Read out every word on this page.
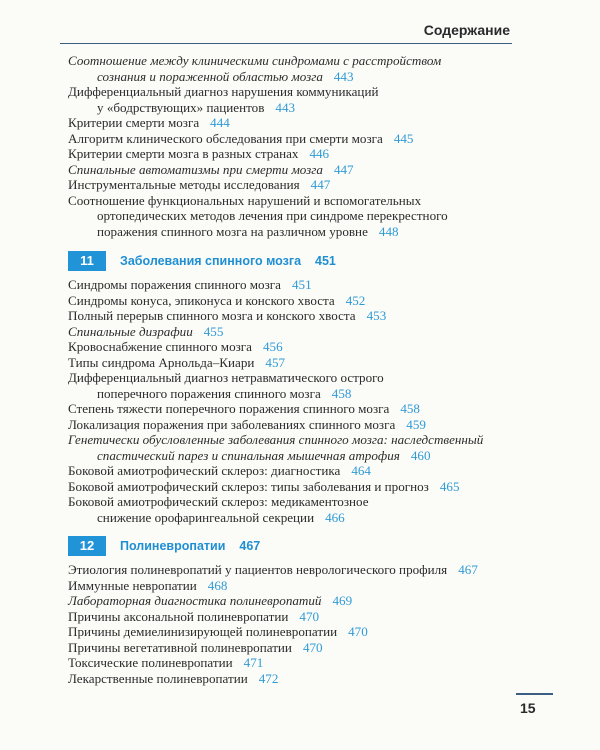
Содержание
Соотношение между клиническими синдромами с расстройством
сознания и пораженной областью мозга 443
Дифференциальный диагноз нарушения коммуникаций
у «бодрствующих» пациентов 443
Критерии смерти мозга 444
Алгоритм клинического обследования при смерти мозга 445
Критерии смерти мозга в разных странах 446
Спинальные автоматизмы при смерти мозга 447
Инструментальные методы исследования 447
Соотношение функциональных нарушений и вспомогательных
ортопедических методов лечения при синдроме перекрестного
поражения спинного мозга на различном уровне 448
11	Заболевания спинного мозга 451
Синдромы поражения спинного мозга 451
Синдромы конуса, эпиконуса и конского хвоста 452
Полный перерыв спинного мозга и конского хвоста 453
Спинальные дизрафии 455
Кровоснабжение спинного мозга 456
Типы синдрома Арнольда–Киари 457
Дифференциальный диагноз нетравматического острого
поперечного поражения спинного мозга 458
Степень тяжести поперечного поражения спинного мозга 458
Локализация поражения при заболеваниях спинного мозга 459
Генетически обусловленные заболевания спинного мозга: наследственный
спастический парез и спинальная мышечная атрофия 460
Боковой амиотрофический склероз: диагностика 464
Боковой амиотрофический склероз: типы заболевания и прогноз 465
Боковой амиотрофический склероз: медикаментозное
снижение орофарингеальной секреции 466
12	Полиневропатии 467
Этиология полиневропатий у пациентов неврологического профиля 467
Иммунные невропатии 468
Лабораторная диагностика полиневропатий 469
Причины аксональной полиневропатии 470
Причины демиелинизирующей полиневропатии 470
Причины вегетативной полиневропатии 470
Токсические полиневропатии 471
Лекарственные полиневропатии 472
15
